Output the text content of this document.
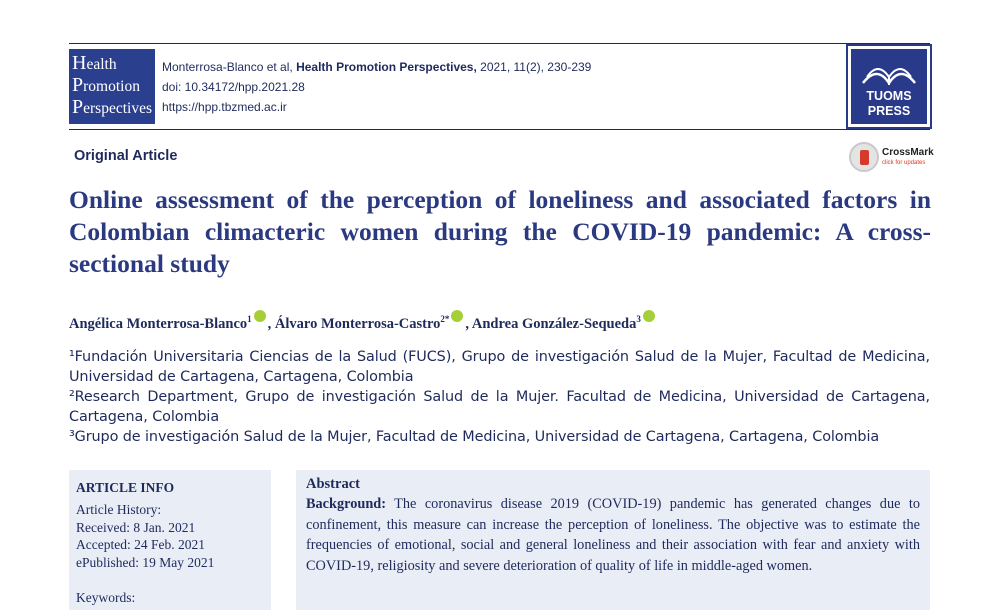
Health
Promotion
Perspectives
Monterrosa-Blanco et al, Health Promotion Perspectives, 2021, 11(2), 230-239
doi: 10.34172/hpp.2021.28
https://hpp.tbzmed.ac.ir
TUOMS
PRESS
Original Article	CrossMark
click for updates
Online assessment of the perception of loneliness and associated factors in Colombian climacteric women during the COVID-19 pandemic: A cross-sectional study
Angélica Monterrosa-Blanco$^1$ , Álvaro Monterrosa-Castro$^{2*}$ , Andrea González-Sequeda$^3$
¹Fundación Universitaria Ciencias de la Salud (FUCS), Grupo de investigación Salud de la Mujer, Facultad de Medicina, Universidad de Cartagena, Cartagena, Colombia
²Research Department, Grupo de investigación Salud de la Mujer. Facultad de Medicina, Universidad de Cartagena, Cartagena, Colombia
³Grupo de investigación Salud de la Mujer, Facultad de Medicina, Universidad de Cartagena, Cartagena, Colombia
ARTICLE INFO
Article History:
Received: 8 Jan. 2021
Accepted: 24 Feb. 2021
ePublished: 19 May 2021
Keywords:
Abstract
Background: The coronavirus disease 2019 (COVID-19) pandemic has generated changes due to confinement, this measure can increase the perception of loneliness. The objective was to estimate the frequencies of emotional, social and general loneliness and their association with fear and anxiety with COVID-19, religiosity and severe deterioration of quality of life in middle-aged women.
